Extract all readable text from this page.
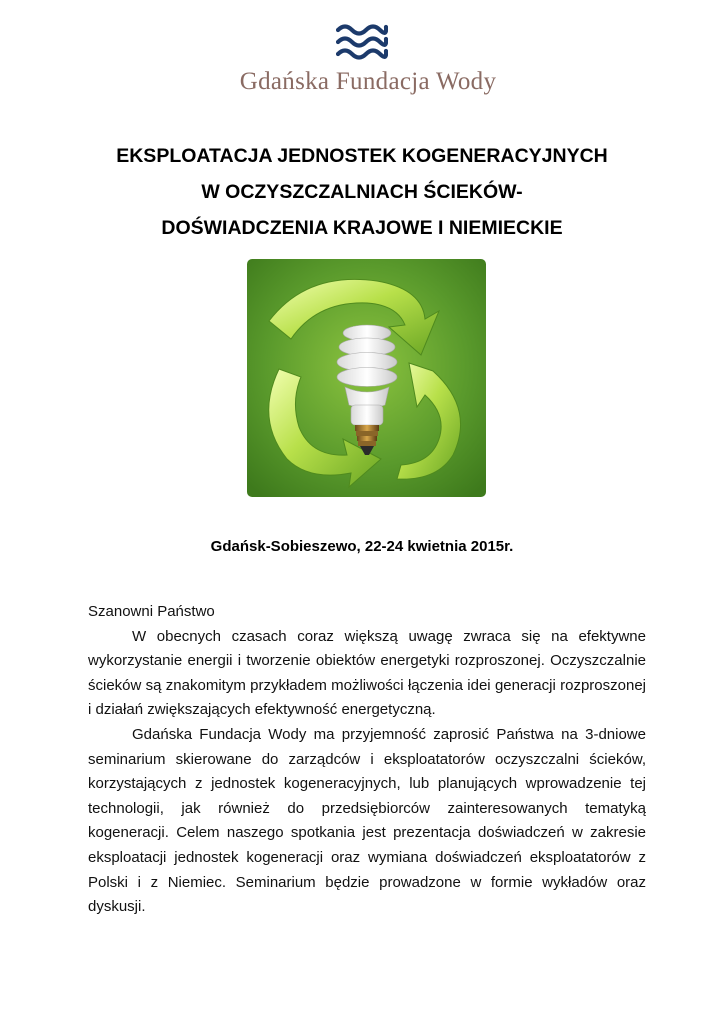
Gdańska Fundacja Wody
EKSPLOATACJA JEDNOSTEK KOGENERACYJNYCH
W OCZYSZCZALNIACH ŚCIEKÓW-
DOŚWIADCZENIA KRAJOWE I NIEMIECKIE
Gdańsk-Sobieszewo, 22-24 kwietnia 2015r.

Szanowni Państwo

W obecnych czasach coraz większą uwagę zwraca się na efektywne wykorzystanie energii i tworzenie obiektów energetyki rozproszonej. Oczyszczalnie ścieków są znakomitym przykładem możliwości łączenia idei generacji rozproszonej i działań zwiększających efektywność energetyczną.

Gdańska Fundacja Wody ma przyjemność zaprosić Państwa na 3-dniowe seminarium skierowane do zarządców i eksploatatorów oczyszczalni ścieków, korzystających z jednostek kogeneracyjnych, lub planujących wprowadzenie tej technologii, jak również do przedsiębiorców zainteresowanych tematyką kogeneracji. Celem naszego spotkania jest prezentacja doświadczeń w zakresie eksploatacji jednostek kogeneracji oraz wymiana doświadczeń eksploatatorów z Polski i z Niemiec. Seminarium będzie prowadzone w formie wykładów oraz dyskusji.
